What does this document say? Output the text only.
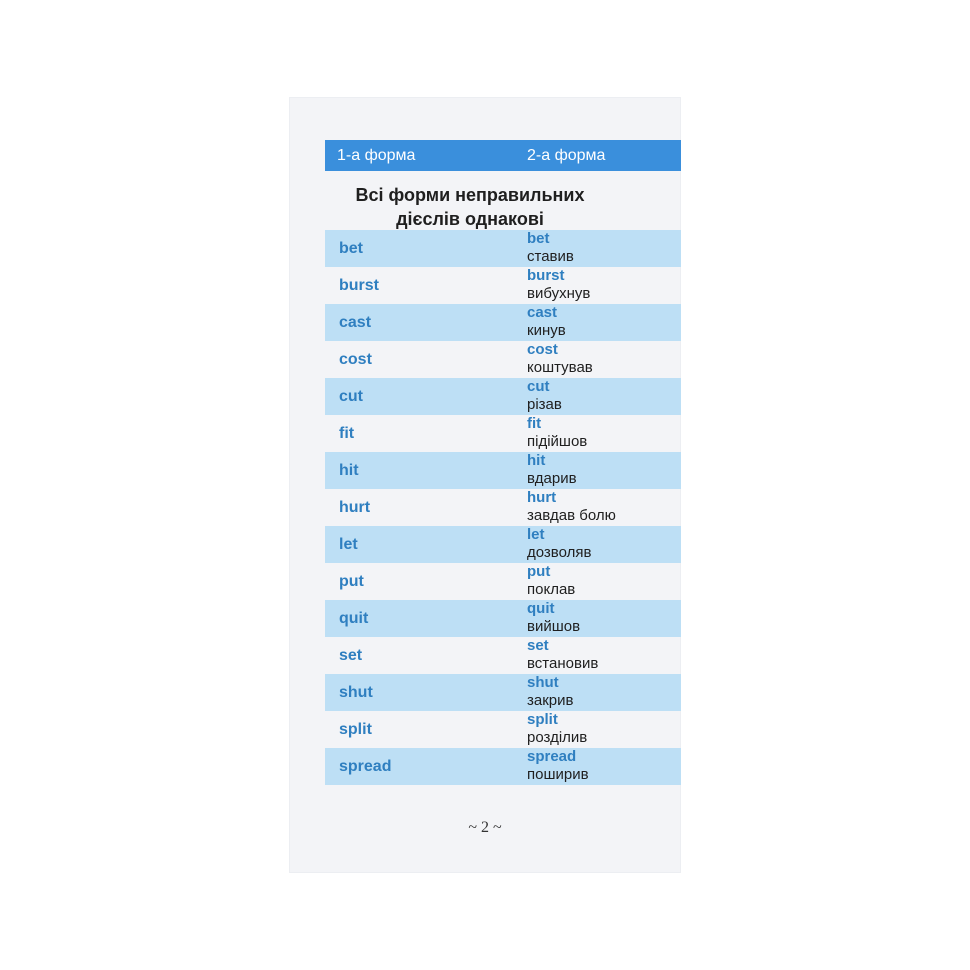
1-а форма	2-а форма
Всі форми неправильних
дієслів однакові
bet
bet
ставив
burst
burst
вибухнув
cast
cast
кинув
cost
cost
коштував
cut
cut
різав
fit
fit
підійшов
hit
hit
вдарив
hurt
hurt
завдав болю
let
let
дозволяв
put
put
поклав
quit
quit
вийшов
set
set
встановив
shut
shut
закрив
split
split
розділив
spread
spread
поширив
~ 2 ~
